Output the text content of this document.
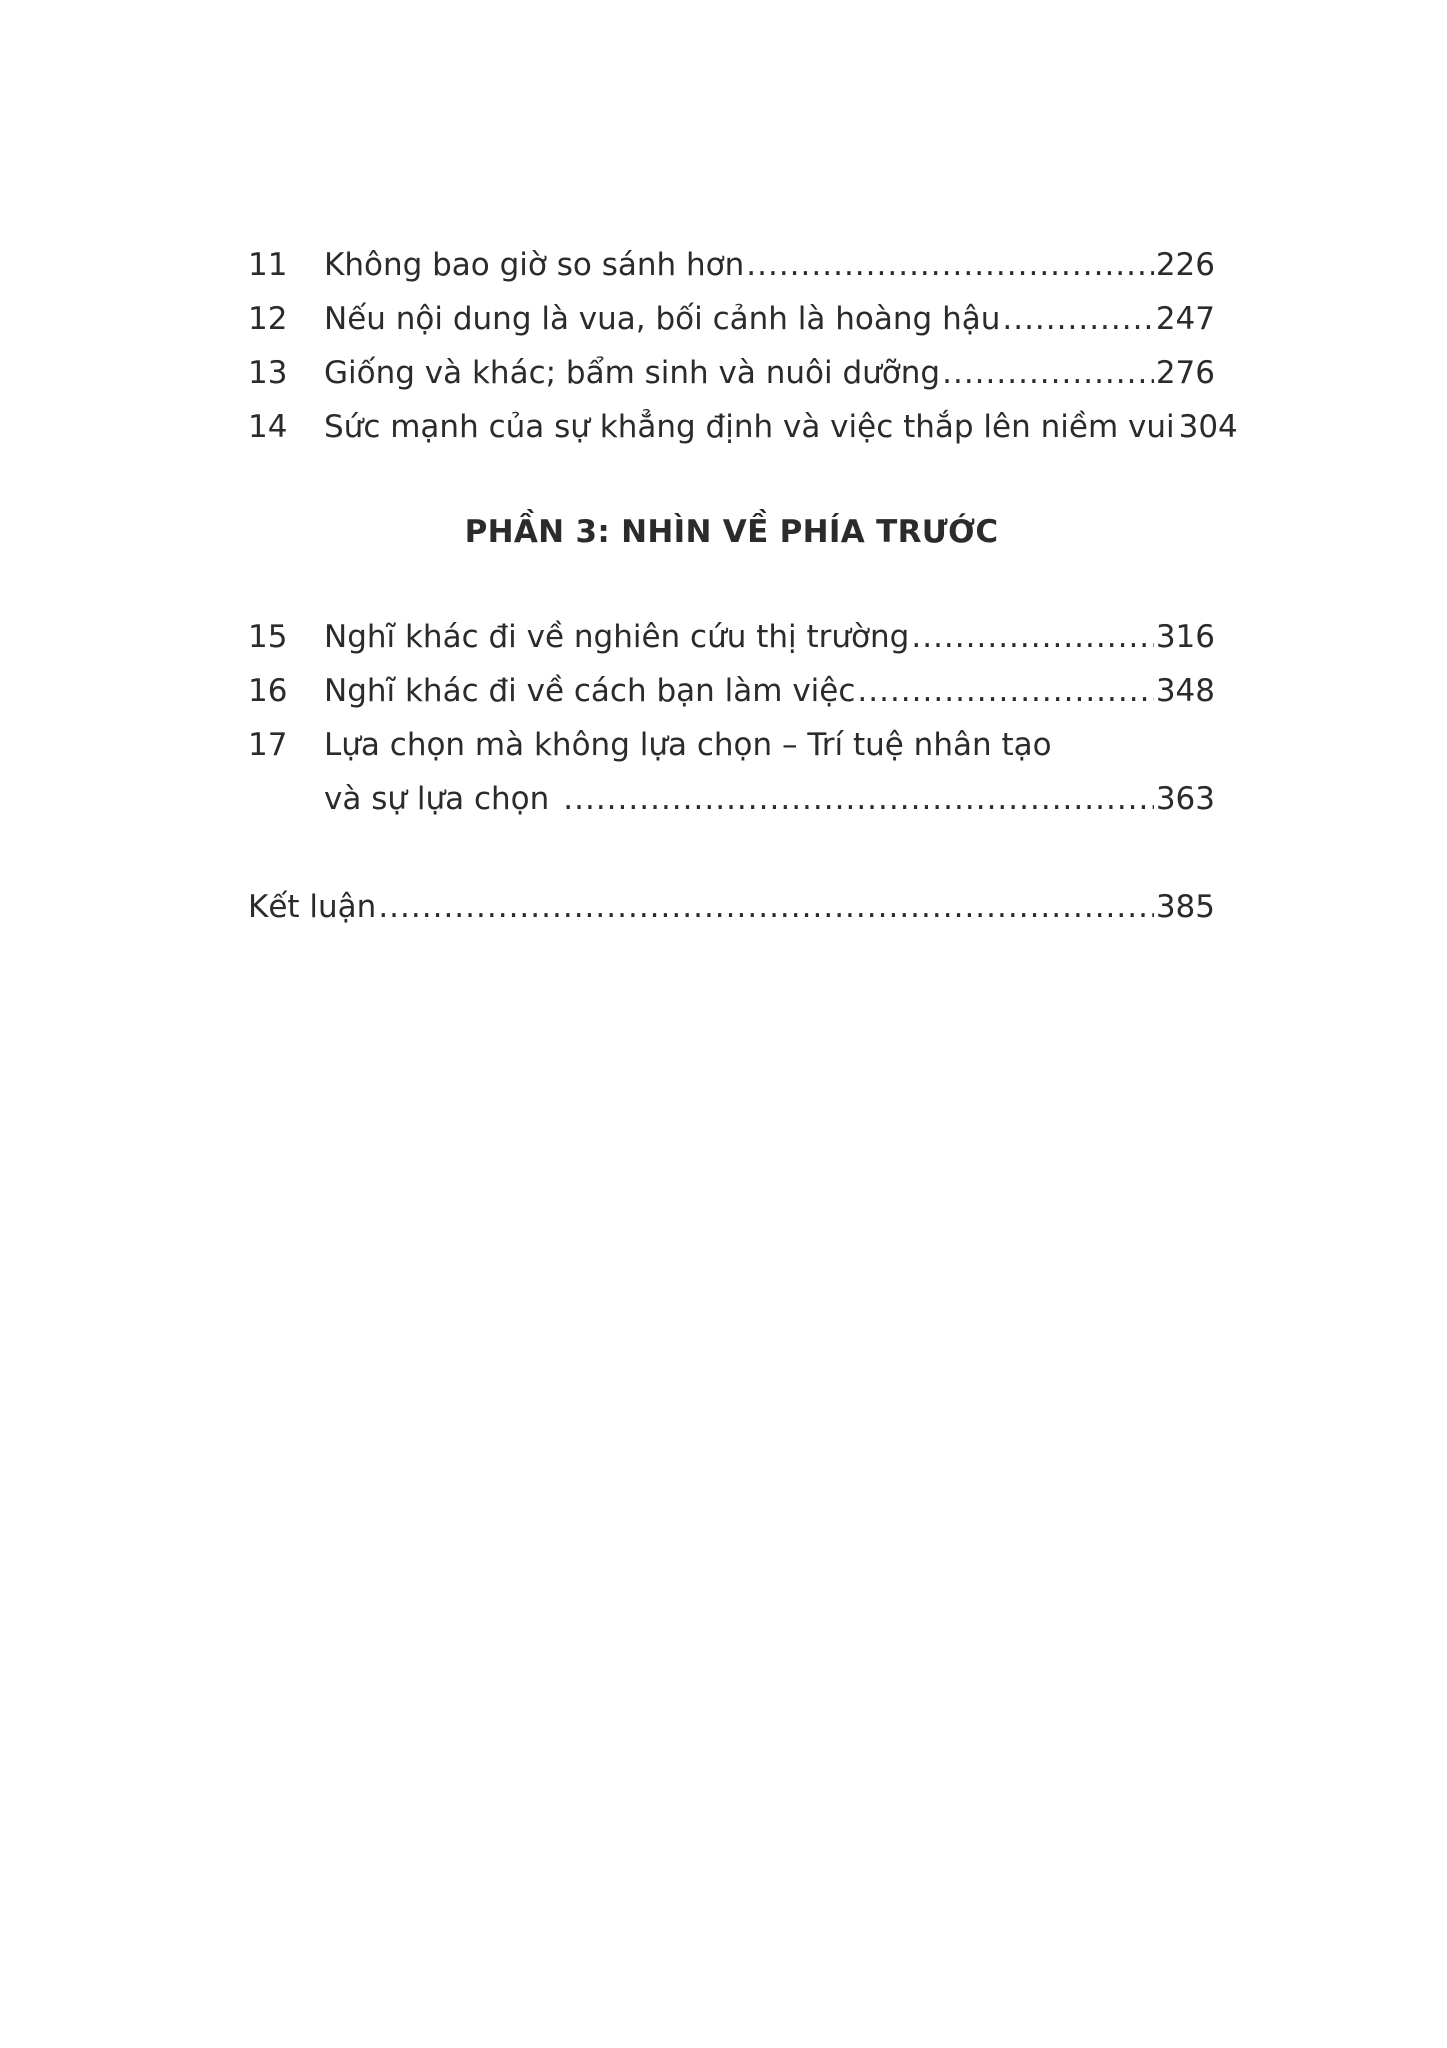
11	Không bao giờ so sánh hơn .....	226
12	Nếu nội dung là vua, bối cảnh là hoàng hậu .....	247
13	Giống và khác; bẩm sinh và nuôi dưỡng .....	276
14	Sức mạnh của sự khẳng định và việc thắp lên niềm vui 304
PHẦN 3: NHÌN VỀ PHÍA TRƯỚC
15	Nghĩ khác đi về nghiên cứu thị trường .....	316
16	Nghĩ khác đi về cách bạn làm việc .....	348
17	Lựa chọn mà không lựa chọn – Trí tuệ nhân tạo
và sự lựa chọn .....	363
Kết luận .....	385
